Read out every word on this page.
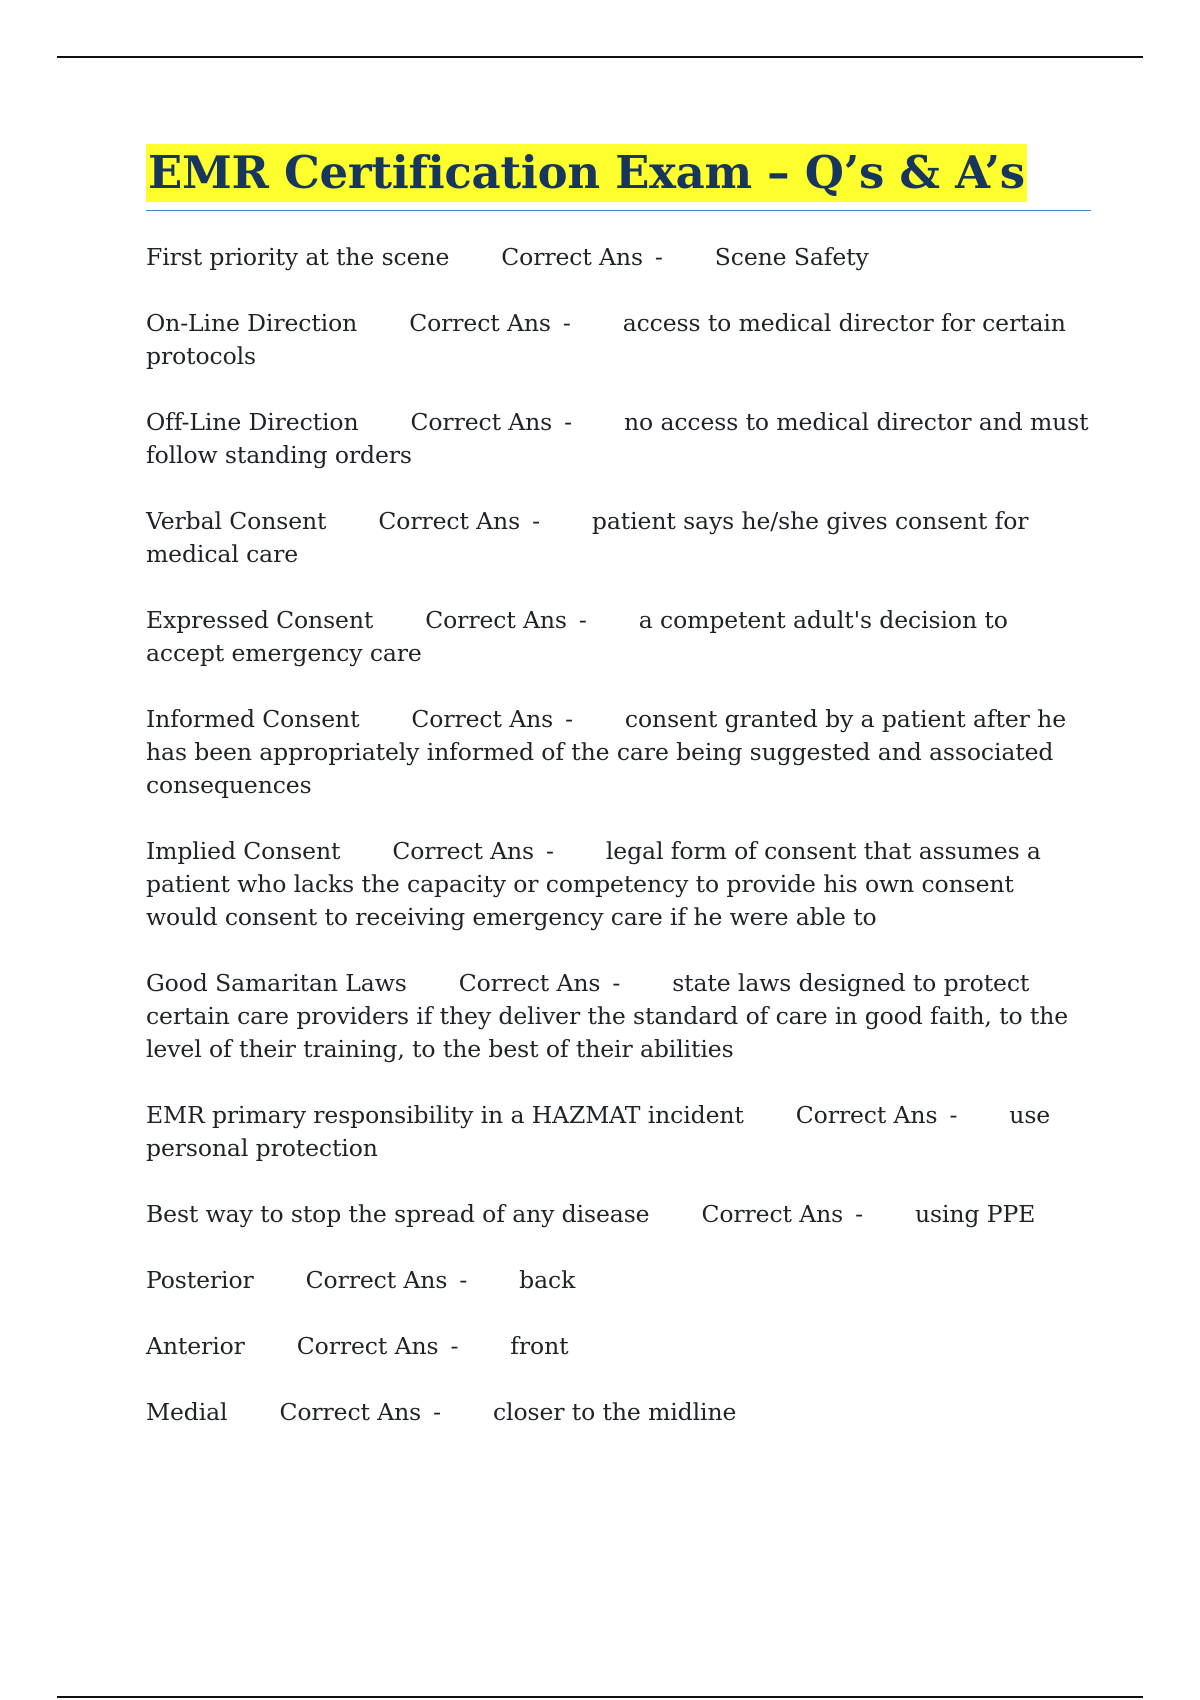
EMR Certification Exam – Q’s & A’s

First priority at the scene Correct Ans - Scene Safety

On-Line Direction Correct Ans - access to medical director for certain protocols

Off-Line Direction Correct Ans - no access to medical director and must follow standing orders

Verbal Consent Correct Ans - patient says he/she gives consent for medical care

Expressed Consent Correct Ans - a competent adult's decision to accept emergency care

Informed Consent Correct Ans - consent granted by a patient after he has been appropriately informed of the care being suggested and associated consequences

Implied Consent Correct Ans - legal form of consent that assumes a patient who lacks the capacity or competency to provide his own consent would consent to receiving emergency care if he were able to

Good Samaritan Laws Correct Ans - state laws designed to protect certain care providers if they deliver the standard of care in good faith, to the level of their training, to the best of their abilities

EMR primary responsibility in a HAZMAT incident Correct Ans - use personal protection

Best way to stop the spread of any disease Correct Ans - using PPE

Posterior Correct Ans - back

Anterior Correct Ans - front

Medial Correct Ans - closer to the midline
